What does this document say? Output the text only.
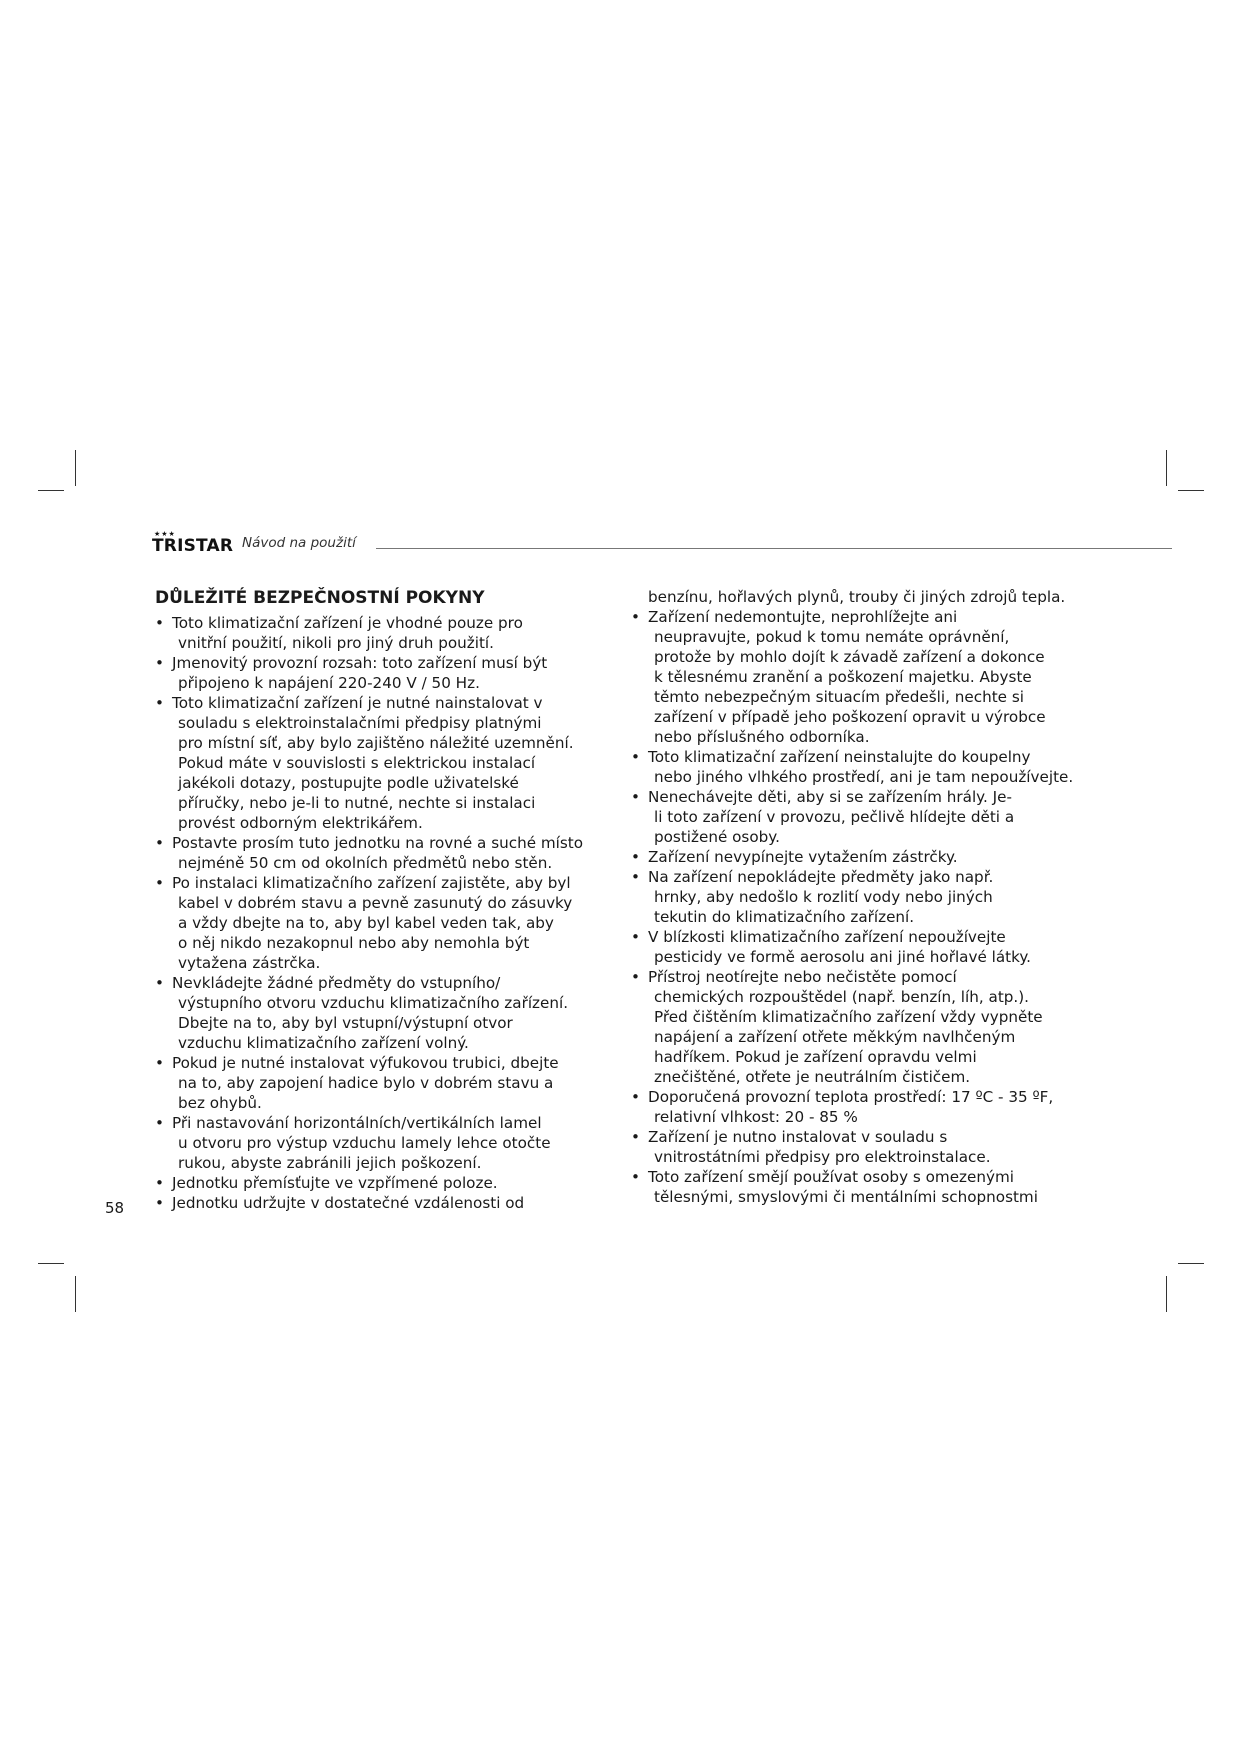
★★★
TRISTAR Návod na použití
DŮLEŽITÉ BEZPEČNOSTNÍ POKYNY
• Toto klimatizační zařízení je vhodné pouze pro
vnitřní použití, nikoli pro jiný druh použití.
• Jmenovitý provozní rozsah: toto zařízení musí být
připojeno k napájení 220-240 V / 50 Hz.
• Toto klimatizační zařízení je nutné nainstalovat v
souladu s elektroinstalačními předpisy platnými
pro místní síť, aby bylo zajištěno náležité uzemnění.
Pokud máte v souvislosti s elektrickou instalací
jakékoli dotazy, postupujte podle uživatelské
příručky, nebo je-li to nutné, nechte si instalaci
provést odborným elektrikářem.
• Postavte prosím tuto jednotku na rovné a suché místo
nejméně 50 cm od okolních předmětů nebo stěn.
• Po instalaci klimatizačního zařízení zajistěte, aby byl
kabel v dobrém stavu a pevně zasunutý do zásuvky
a vždy dbejte na to, aby byl kabel veden tak, aby
o něj nikdo nezakopnul nebo aby nemohla být
vytažena zástrčka.
• Nevkládejte žádné předměty do vstupního/
výstupního otvoru vzduchu klimatizačního zařízení.
Dbejte na to, aby byl vstupní/výstupní otvor
vzduchu klimatizačního zařízení volný.
• Pokud je nutné instalovat výfukovou trubici, dbejte
na to, aby zapojení hadice bylo v dobrém stavu a
bez ohybů.
• Při nastavování horizontálních/vertikálních lamel
u otvoru pro výstup vzduchu lamely lehce otočte
rukou, abyste zabránili jejich poškození.
• Jednotku přemísťujte ve vzpřímené poloze.
• Jednotku udržujte v dostatečné vzdálenosti od
benzínu, hořlavých plynů, trouby či jiných zdrojů tepla.
• Zařízení nedemontujte, neprohlížejte ani
neupravujte, pokud k tomu nemáte oprávnění,
protože by mohlo dojít k závadě zařízení a dokonce
k tělesnému zranění a poškození majetku. Abyste
těmto nebezpečným situacím předešli, nechte si
zařízení v případě jeho poškození opravit u výrobce
nebo příslušného odborníka.
• Toto klimatizační zařízení neinstalujte do koupelny
nebo jiného vlhkého prostředí, ani je tam nepoužívejte.
• Nenechávejte děti, aby si se zařízením hrály. Je-
li toto zařízení v provozu, pečlivě hlídejte děti a
postižené osoby.
• Zařízení nevypínejte vytažením zástrčky.
• Na zařízení nepokládejte předměty jako např.
hrnky, aby nedošlo k rozlití vody nebo jiných
tekutin do klimatizačního zařízení.
• V blízkosti klimatizačního zařízení nepoužívejte
pesticidy ve formě aerosolu ani jiné hořlavé látky.
• Přístroj neotírejte nebo nečistěte pomocí
chemických rozpouštědel (např. benzín, líh, atp.).
Před čištěním klimatizačního zařízení vždy vypněte
napájení a zařízení otřete měkkým navlhčeným
hadříkem. Pokud je zařízení opravdu velmi
znečištěné, otřete je neutrálním čističem.
• Doporučená provozní teplota prostředí: 17 ºC - 35 ºF,
relativní vlhkost: 20 - 85 %
• Zařízení je nutno instalovat v souladu s
vnitrostátními předpisy pro elektroinstalace.
• Toto zařízení smějí používat osoby s omezenými
tělesnými, smyslovými či mentálními schopnostmi
58
